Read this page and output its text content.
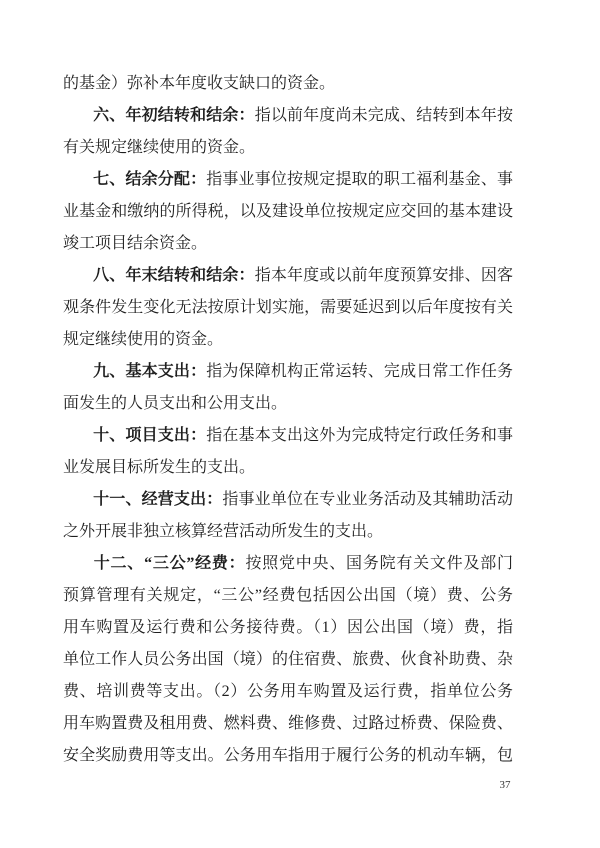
的基金）弥补本年度收支缺口的资金。
六、年初结转和结余：指以前年度尚未完成、结转到本年按
有关规定继续使用的资金。
七、结余分配：指事业事位按规定提取的职工福利基金、事
业基金和缴纳的所得税，以及建设单位按规定应交回的基本建设
竣工项目结余资金。
八、年末结转和结余：指本年度或以前年度预算安排、因客
观条件发生变化无法按原计划实施，需要延迟到以后年度按有关
规定继续使用的资金。
九、基本支出：指为保障机构正常运转、完成日常工作任务
面发生的人员支出和公用支出。
十、项目支出：指在基本支出这外为完成特定行政任务和事
业发展目标所发生的支出。
十一、经营支出：指事业单位在专业业务活动及其辅助活动
之外开展非独立核算经营活动所发生的支出。
十二、“三公”经费：按照党中央、国务院有关文件及部门
预算管理有关规定，“三公”经费包括因公出国（境）费、公务
用车购置及运行费和公务接待费。（1）因公出国（境）费，指
单位工作人员公务出国（境）的住宿费、旅费、伙食补助费、杂
费、培训费等支出。（2）公务用车购置及运行费，指单位公务
用车购置费及租用费、燃料费、维修费、过路过桥费、保险费、
安全奖励费用等支出。公务用车指用于履行公务的机动车辆，包
37
